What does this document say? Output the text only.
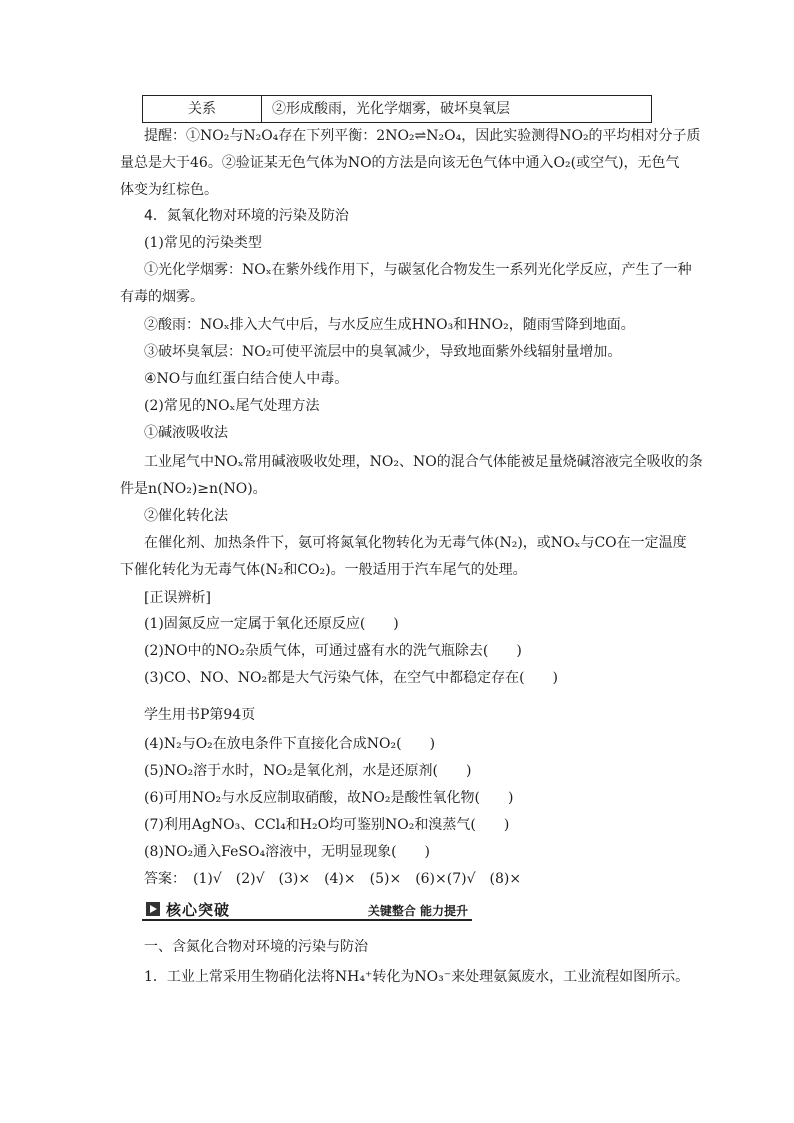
关系	②形成酸雨，光化学烟雾，破坏臭氧层
提醒：①NO₂与N₂O₄存在下列平衡：2NO₂⇌N₂O₄，因此实验测得NO₂的平均相对分子质
量总是大于46。②验证某无色气体为NO的方法是向该无色气体中通入O₂(或空气)，无色气
体变为红棕色。
4．氮氧化物对环境的污染及防治
(1)常见的污染类型
①光化学烟雾：NOₓ在紫外线作用下，与碳氢化合物发生一系列光化学反应，产生了一种
有毒的烟雾。
②酸雨：NOₓ排入大气中后，与水反应生成HNO₃和HNO₂，随雨雪降到地面。
③破坏臭氧层：NO₂可使平流层中的臭氧减少，导致地面紫外线辐射量增加。
④NO与血红蛋白结合使人中毒。
(2)常见的NOₓ尾气处理方法
①碱液吸收法
工业尾气中NOₓ常用碱液吸收处理，NO₂、NO的混合气体能被足量烧碱溶液完全吸收的条
件是n(NO₂)≥n(NO)。
②催化转化法
在催化剂、加热条件下，氨可将氮氧化物转化为无毒气体(N₂)，或NOₓ与CO在一定温度
下催化转化为无毒气体(N₂和CO₂)。一般适用于汽车尾气的处理。
[正误辨析]
(1)固氮反应一定属于氧化还原反应(　　)
(2)NO中的NO₂杂质气体，可通过盛有水的洗气瓶除去(　　)
(3)CO、NO、NO₂都是大气污染气体，在空气中都稳定存在(　　)
学生用书P第94页
(4)N₂与O₂在放电条件下直接化合成NO₂(　　)
(5)NO₂溶于水时，NO₂是氧化剂，水是还原剂(　　)
(6)可用NO₂与水反应制取硝酸，故NO₂是酸性氧化物(　　)
(7)利用AgNO₃、CCl₄和H₂O均可鉴别NO₂和溴蒸气(　　)
(8)NO₂通入FeSO₄溶液中，无明显现象(　　)
答案：　(1)√　(2)√　(3)×　(4)×　(5)×　(6)×(7)√　(8)×
核心突破	关键整合 能力提升
一、含氮化合物对环境的污染与防治
1．工业上常采用生物硝化法将NH₄⁺转化为NO₃⁻来处理氨氮废水，工业流程如图所示。
